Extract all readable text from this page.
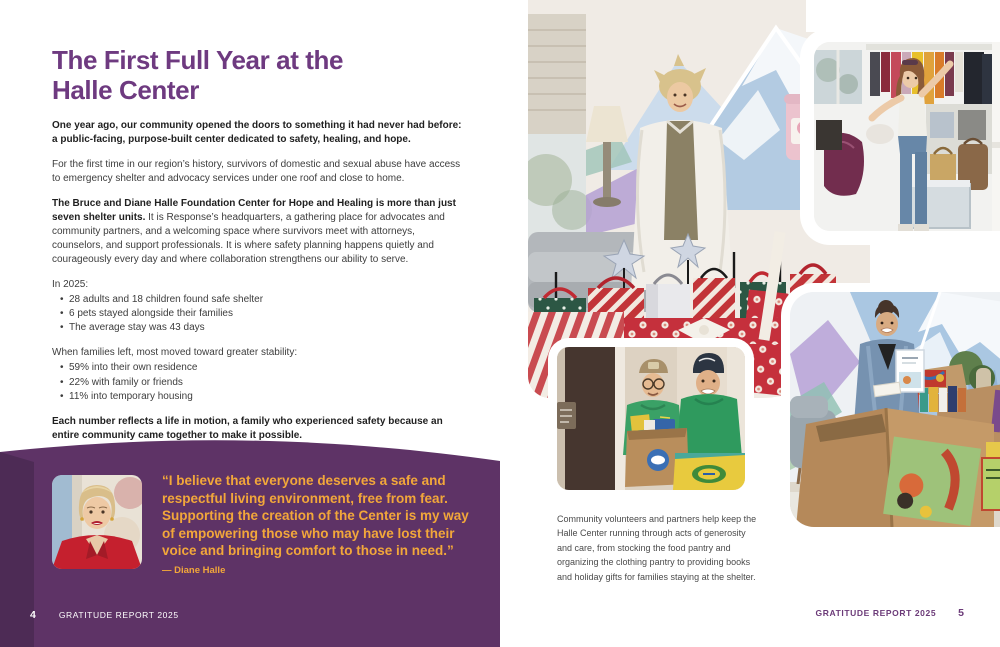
The First Full Year at the Halle Center

One year ago, our community opened the doors to something it had never had before: a public-facing, purpose-built center dedicated to safety, healing, and hope.

For the first time in our region’s history, survivors of domestic and sexual abuse have access to emergency shelter and advocacy services under one roof and close to home.

The Bruce and Diane Halle Foundation Center for Hope and Healing is more than just seven shelter units. It is Response’s headquarters, a gathering place for advocates and community partners, and a welcoming space where survivors meet with attorneys, counselors, and support professionals. It is where safety planning happens quietly and courageously every day and where collaboration strengthens our ability to serve.

In 2025:

• 28 adults and 18 children found safe shelter
• 6 pets stayed alongside their families
• The average stay was 43 days

When families left, most moved toward greater stability:

• 59% into their own residence
• 22% with family or friends
• 11% into temporary housing

Each number reflects a life in motion, a family who experienced safety because an entire community came together to make it possible.

“I believe that everyone deserves a safe and respectful living environment, free from fear. Supporting the creation of the Center is my way of empowering those who may have lost their voice and bringing comfort to those in need.” — Diane Halle
4	GRATITUDE REPORT 2025
Community volunteers and partners help keep the Halle Center running through acts of generosity and care, from stocking the food pantry and organizing the clothing pantry to providing books and holiday gifts for families staying at the shelter.
GRATITUDE REPORT 2025 5
